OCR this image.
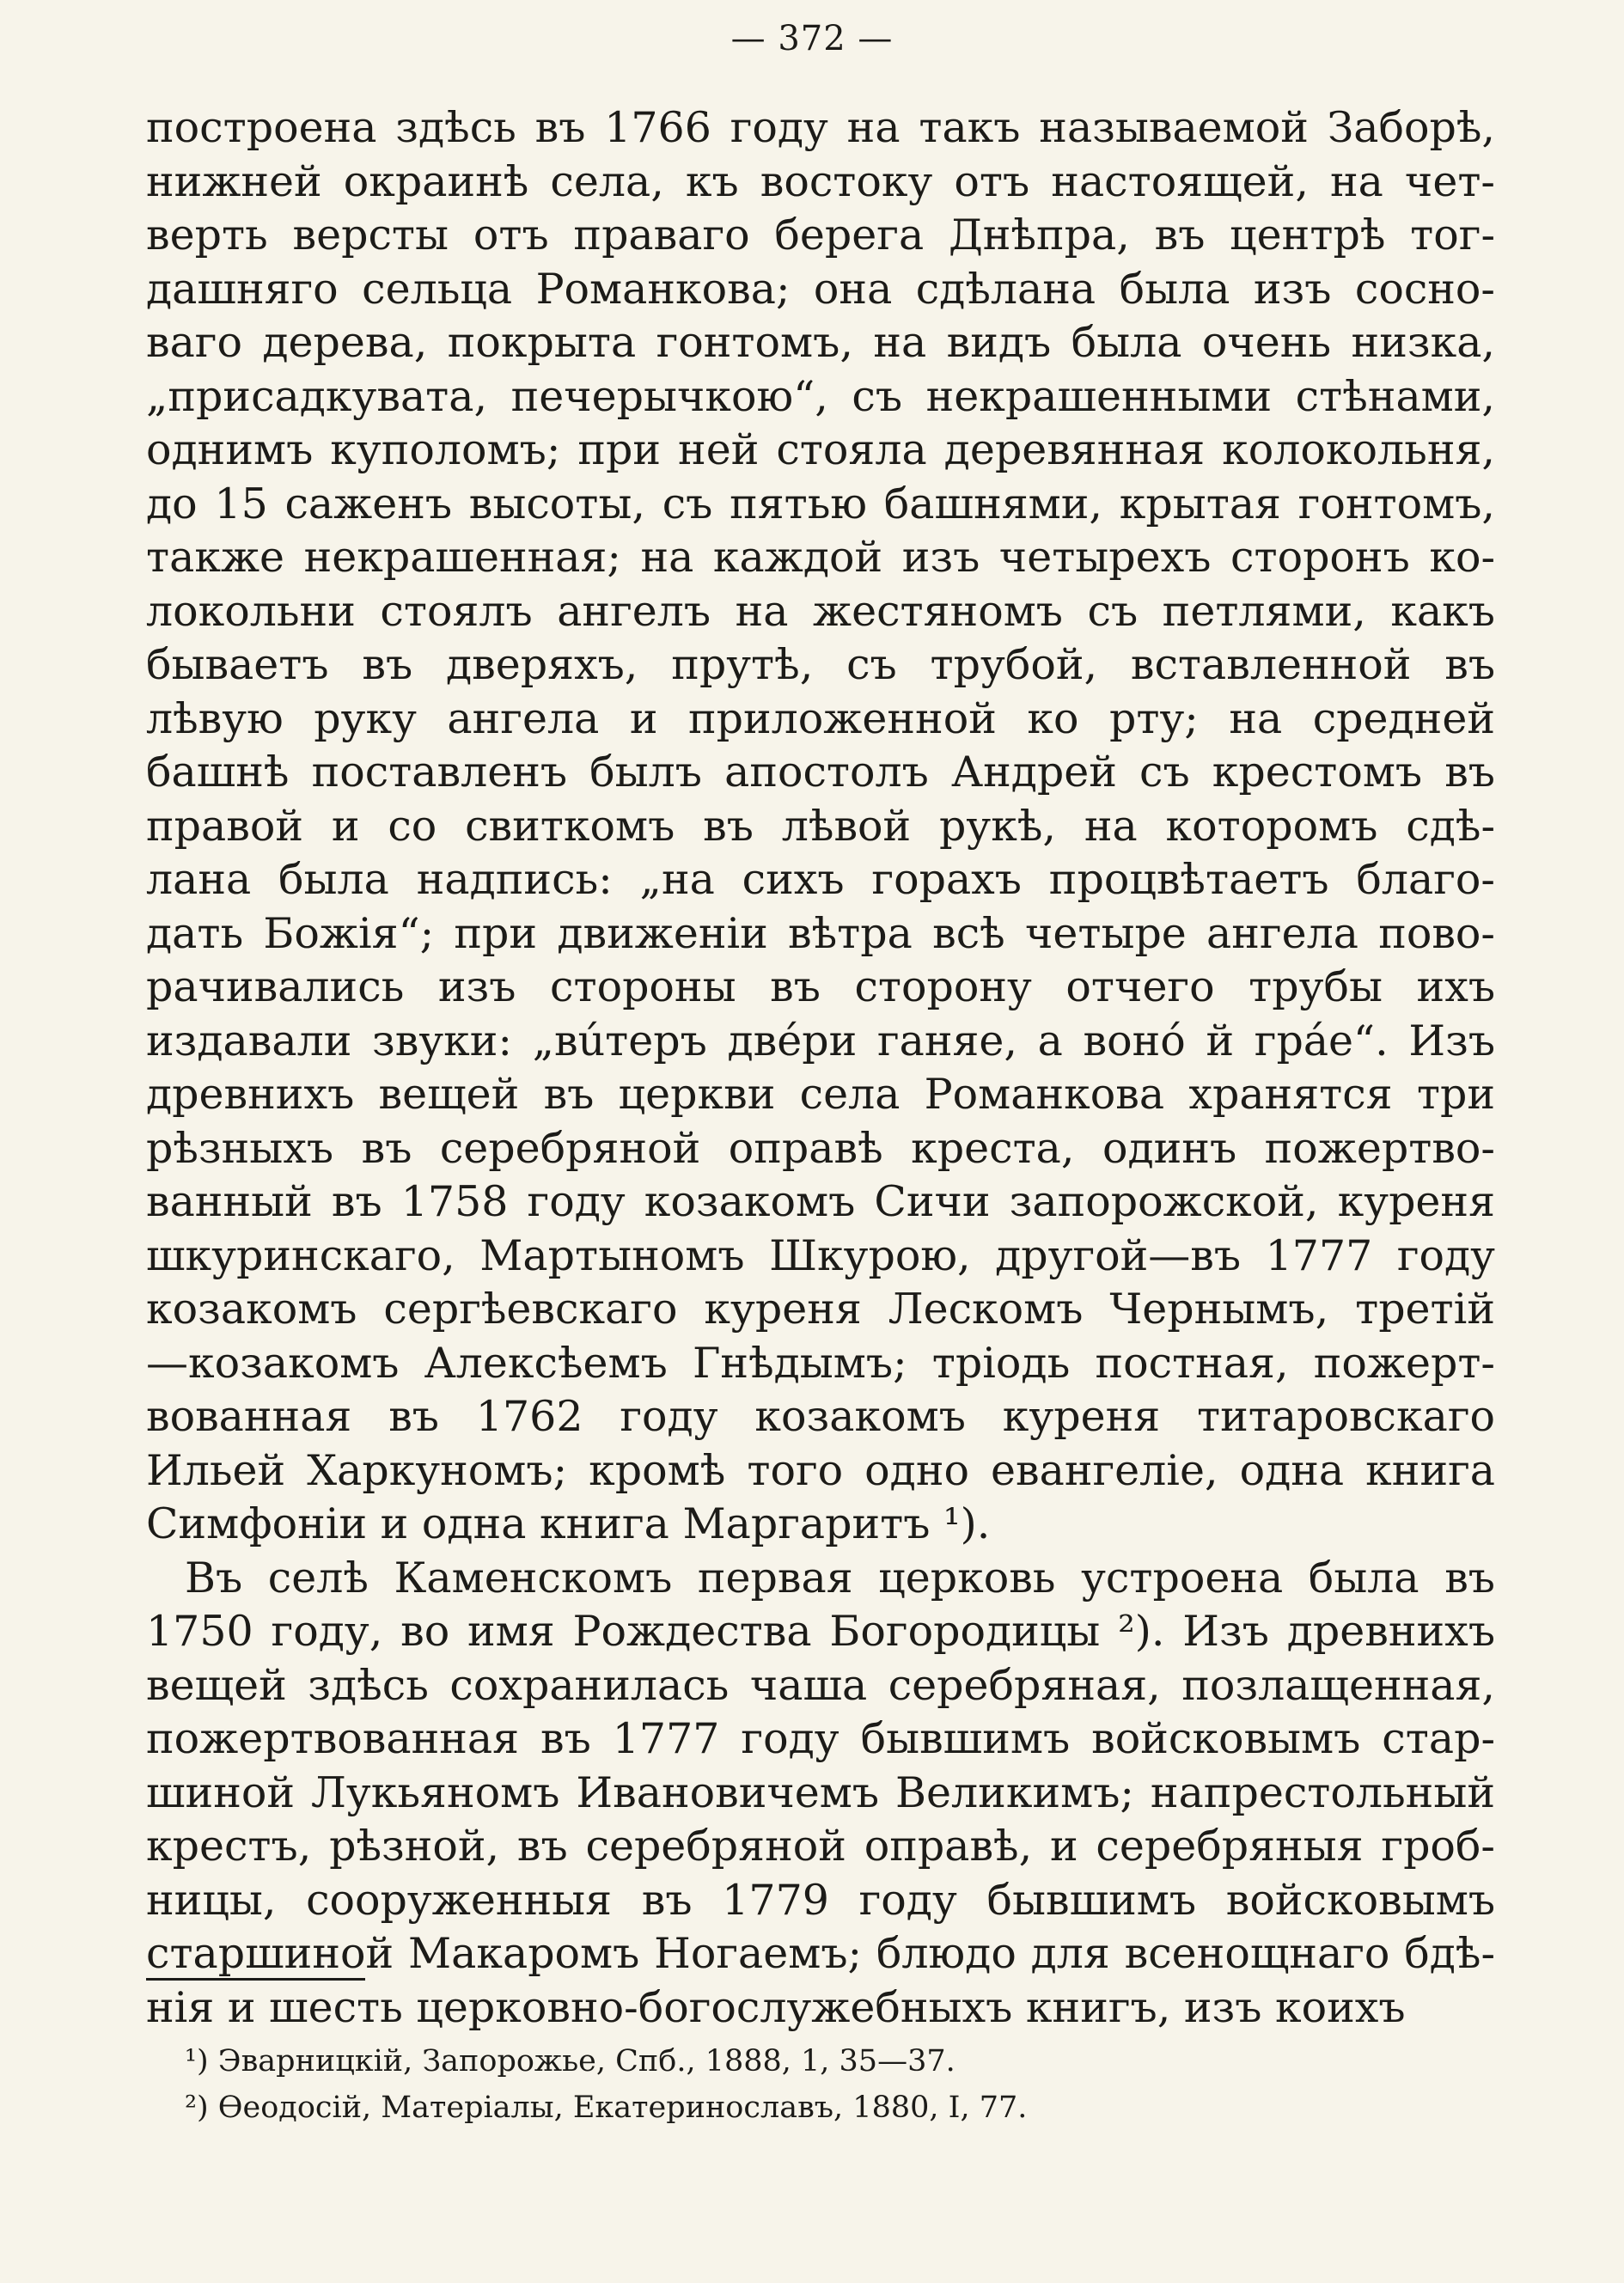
— 372 —
построена здѣсь въ 1766 году на такъ называемой Заборѣ,
нижней окраинѣ села, къ востоку отъ настоящей, на чет-
верть версты отъ праваго берега Днѣпра, въ центрѣ тог-
дашняго сельца Романкова; она сдѣлана была изъ сосно-
ваго дерева, покрыта гонтомъ, на видъ была очень низка,
„присадкувата, печерычкою“, съ некрашенными стѣнами,
однимъ куполомъ; при ней стояла деревянная колокольня,
до 15 саженъ высоты, съ пятью башнями, крытая гонтомъ,
также некрашенная; на каждой изъ четырехъ сторонъ ко-
локольни стоялъ ангелъ на жестяномъ съ петлями, какъ
бываетъ въ дверяхъ, прутѣ, съ трубой, вставленной въ
лѣвую руку ангела и приложенной ко рту; на средней
башнѣ поставленъ былъ апостолъ Андрей съ крестомъ въ
правой и со свиткомъ въ лѣвой рукѣ, на которомъ сдѣ-
лана была надпись: „на сихъ горахъ процвѣтаетъ благо-
дать Божія“; при движеніи вѣтра всѣ четыре ангела пово-
рачивались изъ стороны въ сторону отчего трубы ихъ
издавали звуки: „вúтеръ двéри ганяе, а вонó й грáе“. Изъ
древнихъ вещей въ церкви села Романкова хранятся три
рѣзныхъ въ серебряной оправѣ креста, одинъ пожертво-
ванный въ 1758 году козакомъ Сичи запорожской, куреня
шкуринскаго, Мартыномъ Шкурою, другой—въ 1777 году
козакомъ сергѣевскаго куреня Лескомъ Чернымъ, третій
—козакомъ Алексѣемъ Гнѣдымъ; тріодь постная, пожерт-
вованная въ 1762 году козакомъ куреня титаровскаго
Ильей Харкуномъ; кромѣ того одно евангеліе, одна книга
Симфоніи и одна книга Маргаритъ ¹).
Въ селѣ Каменскомъ первая церковь устроена была въ
1750 году, во имя Рождества Богородицы ²). Изъ древнихъ
вещей здѣсь сохранилась чаша серебряная, позлащенная,
пожертвованная въ 1777 году бывшимъ войсковымъ стар-
шиной Лукьяномъ Ивановичемъ Великимъ; напрестольный
крестъ, рѣзной, въ серебряной оправѣ, и серебряныя гроб-
ницы, сооруженныя въ 1779 году бывшимъ войсковымъ
старшиной Макаромъ Ногаемъ; блюдо для всенощнаго бдѣ-
нія и шесть церковно-богослужебныхъ книгъ, изъ коихъ
¹) Эварницкій, Запорожье, Спб., 1888, 1, 35—37.
²) Өеодосій, Матеріалы, Екатеринославъ, 1880, I, 77.
